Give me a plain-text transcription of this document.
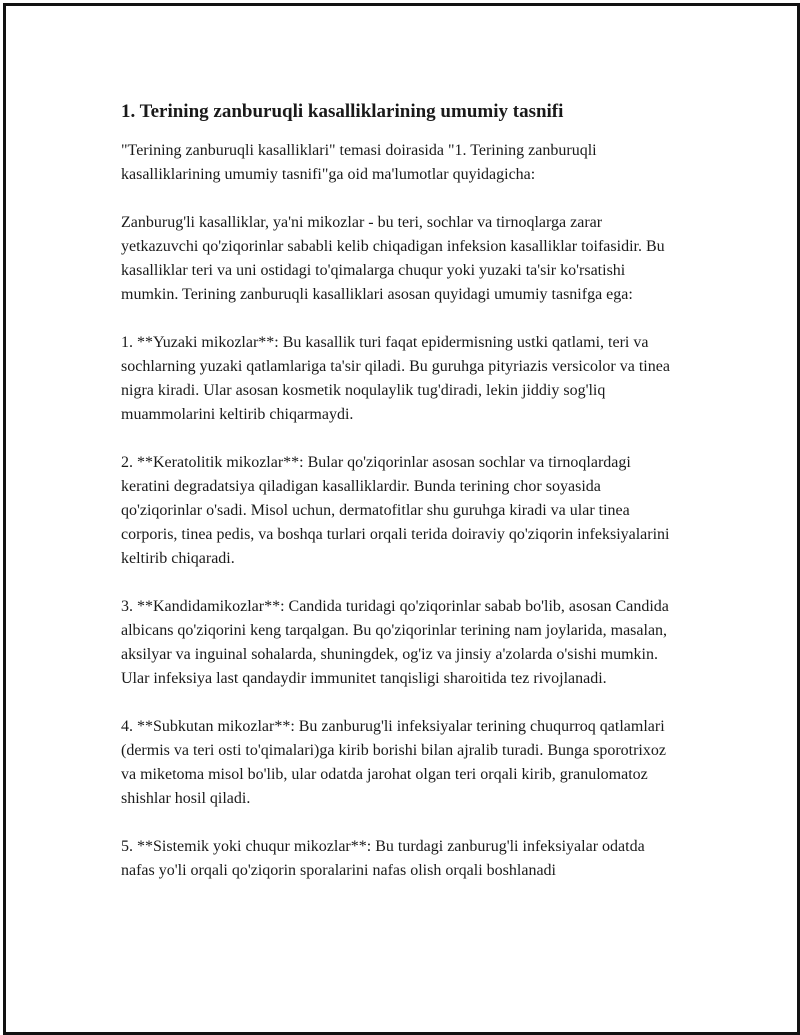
1. Terining zanburuqli kasalliklarining umumiy tasnifi

"Terining zanburuqli kasalliklari" temasi doirasida "1. Terining zanburuqli kasalliklarining umumiy tasnifi"ga oid ma'lumotlar quyidagicha:

Zanburug'li kasalliklar, ya'ni mikozlar - bu teri, sochlar va tirnoqlarga zarar yetkazuvchi qo'ziqorinlar sababli kelib chiqadigan infeksion kasalliklar toifasidir. Bu kasalliklar teri va uni ostidagi to'qimalarga chuqur yoki yuzaki ta'sir ko'rsatishi mumkin. Terining zanburuqli kasalliklari asosan quyidagi umumiy tasnifga ega:

1. **Yuzaki mikozlar**: Bu kasallik turi faqat epidermisning ustki qatlami, teri va sochlarning yuzaki qatlamlariga ta'sir qiladi. Bu guruhga pityriazis versicolor va tinea nigra kiradi. Ular asosan kosmetik noqulaylik tug'diradi, lekin jiddiy sog'liq muammolarini keltirib chiqarmaydi.

2. **Keratolitik mikozlar**: Bular qo'ziqorinlar asosan sochlar va tirnoqlardagi keratini degradatsiya qiladigan kasalliklardir. Bunda terining chor soyasida qo'ziqorinlar o'sadi. Misol uchun, dermatofitlar shu guruhga kiradi va ular tinea corporis, tinea pedis, va boshqa turlari orqali terida doiraviy qo'ziqorin infeksiyalarini keltirib chiqaradi.

3. **Kandidamikozlar**: Candida turidagi qo'ziqorinlar sabab bo'lib, asosan Candida albicans qo'ziqorini keng tarqalgan. Bu qo'ziqorinlar terining nam joylarida, masalan, aksilyar va inguinal sohalarda, shuningdek, og'iz va jinsiy a'zolarda o'sishi mumkin. Ular infeksiya last qandaydir immunitet tanqisligi sharoitida tez rivojlanadi.

4. **Subkutan mikozlar**: Bu zanburug'li infeksiyalar terining chuqurroq qatlamlari (dermis va teri osti to'qimalari)ga kirib borishi bilan ajralib turadi. Bunga sporotrixoz va miketoma misol bo'lib, ular odatda jarohat olgan teri orqali kirib, granulomatoz shishlar hosil qiladi.

5. **Sistemik yoki chuqur mikozlar**: Bu turdagi zanburug'li infeksiyalar odatda nafas yo'li orqali qo'ziqorin sporalarini nafas olish orqali boshlanadi
